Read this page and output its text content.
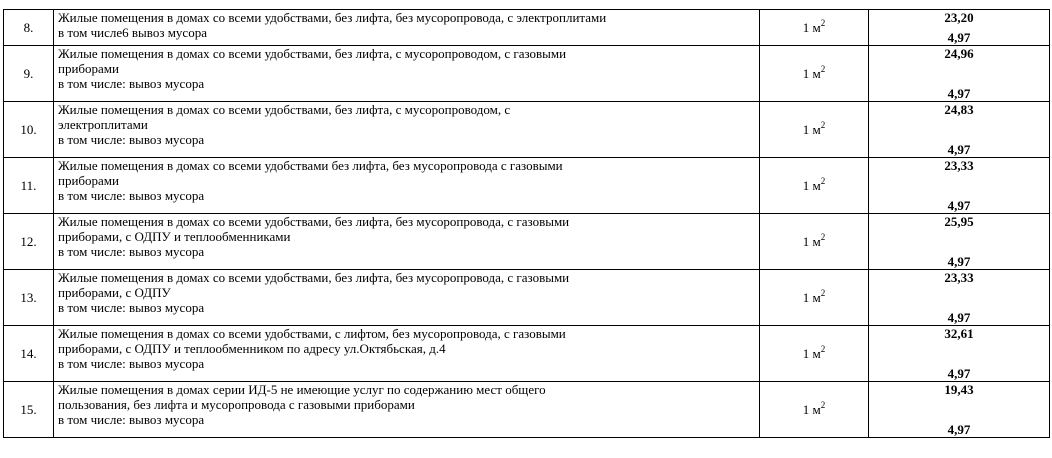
8.	Жилые помещения в домах со всеми удобствами, без лифта, без мусоропровода, с электроплитами
в том числе6 вывоз мусора	1 $м^2$	23,20
4,97

9.	Жилые помещения в домах со всеми удобствами, без лифта, с мусоропроводом, с газовыми
приборами
в том числе: вывоз мусора	1 $м^2$	24,96
4,97

10.	Жилые помещения в домах со всеми удобствами, без лифта, с мусоропроводом, с
электроплитами
в том числе: вывоз мусора	1 $м^2$	24,83
4,97

11.	Жилые помещения в домах со всеми удобствами без лифта, без мусоропровода с газовыми
приборами
в том числе: вывоз мусора	1 $м^2$	23,33
4,97

12.	Жилые помещения в домах со всеми удобствами, без лифта, без мусоропровода, с газовыми
приборами, с ОДПУ и теплообменниками
в том числе: вывоз мусора	1 $м^2$	25,95
4,97

13.	Жилые помещения в домах со всеми удобствами, без лифта, без мусоропровода, с газовыми
приборами, с ОДПУ
в том числе: вывоз мусора	1 $м^2$	23,33
4,97

14.	Жилые помещения в домах со всеми удобствами, с лифтом, без мусоропровода, с газовыми
приборами, с ОДПУ и теплообменником по адресу ул.Октябьская, д.4
в том числе: вывоз мусора	1 $м^2$	32,61
4,97

15.	Жилые помещения в домах серии ИД-5 не имеющие услуг по содержанию мест общего
пользования, без лифта и мусоропровода с газовыми приборами
в том числе: вывоз мусора	1 $м^2$	19,43
4,97
